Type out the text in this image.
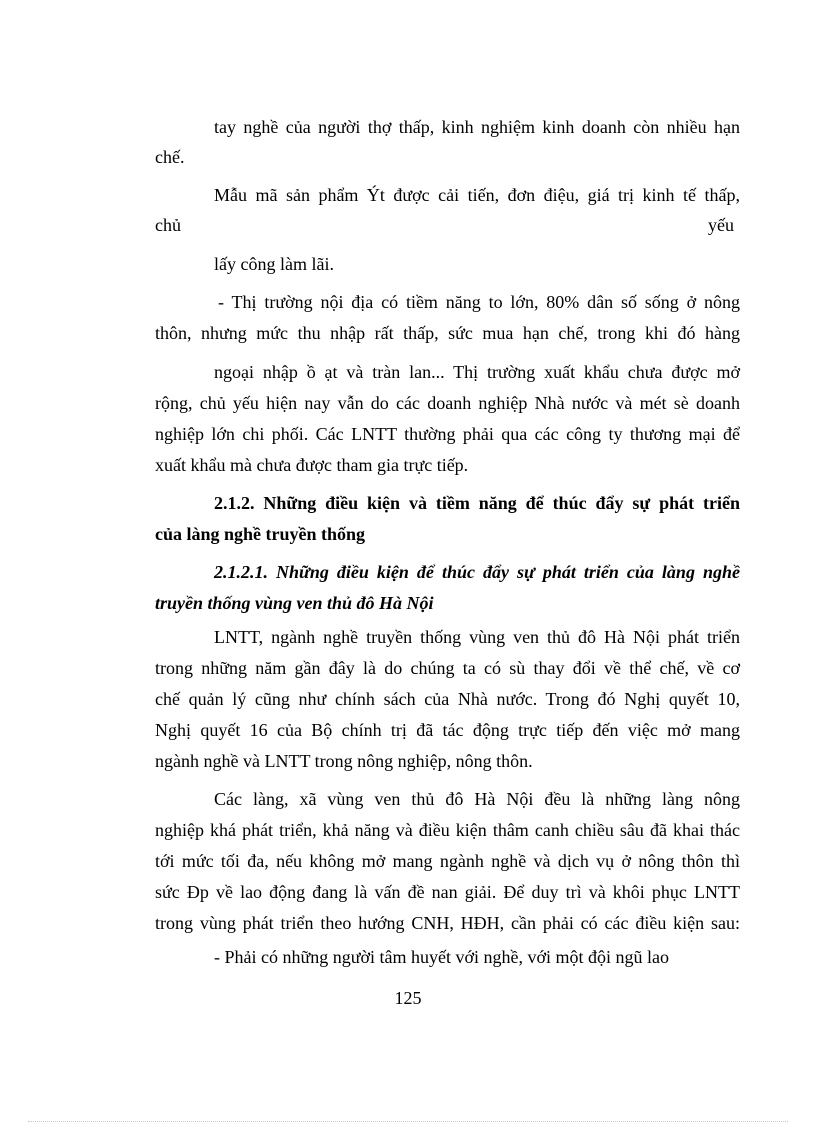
tay nghề của người thợ thấp, kinh nghiệm kinh doanh còn nhiều hạn

chế.

Mẫu mã sản phẩm Ýt được cải tiến, đơn điệu, giá trị kinh tế thấp,

chủ	yếu

lấy công làm lãi.

- Thị trường nội địa có tiềm năng to lớn, 80% dân số sống ở nông

thôn, nhưng mức thu nhập rất thấp, sức mua hạn chế, trong khi đó hàng

ngoại nhập ồ ạt và tràn lan... Thị trường xuất khẩu chưa được mở

rộng, chủ yếu hiện nay vẫn do các doanh nghiệp Nhà nước và mét sè doanh

nghiệp lớn chi phối. Các LNTT thường phải qua các công ty thương mại để

xuất khẩu mà chưa được tham gia trực tiếp.

2.1.2. Những điều kiện và tiềm năng để thúc đẩy sự phát triển

của làng nghề truyền thống

2.1.2.1. Những điều kiện để thúc đẩy sự phát triển của làng nghề

truyền thống vùng ven thủ đô Hà Nội

LNTT, ngành nghề truyền thống vùng ven thủ đô Hà Nội phát triển

trong những năm gần đây là do chúng ta có sù thay đổi về thể chế, về cơ

chế quản lý cũng như chính sách của Nhà nước. Trong đó Nghị quyết 10,

Nghị quyết 16 của Bộ chính trị đã tác động trực tiếp đến việc mở mang

ngành nghề và LNTT trong nông nghiệp, nông thôn.

Các làng, xã vùng ven thủ đô Hà Nội đều là những làng nông

nghiệp khá phát triển, khả năng và điều kiện thâm canh chiều sâu đã khai thác

tới mức tối đa, nếu không mở mang ngành nghề và dịch vụ ở nông thôn thì

sức Ðp về lao động đang là vấn đề nan giải. Để duy trì và khôi phục LNTT

trong vùng phát triển theo hướng CNH, HĐH, cần phải có các điều kiện sau:

- Phải có những người tâm huyết với nghề, với một đội ngũ lao

125
